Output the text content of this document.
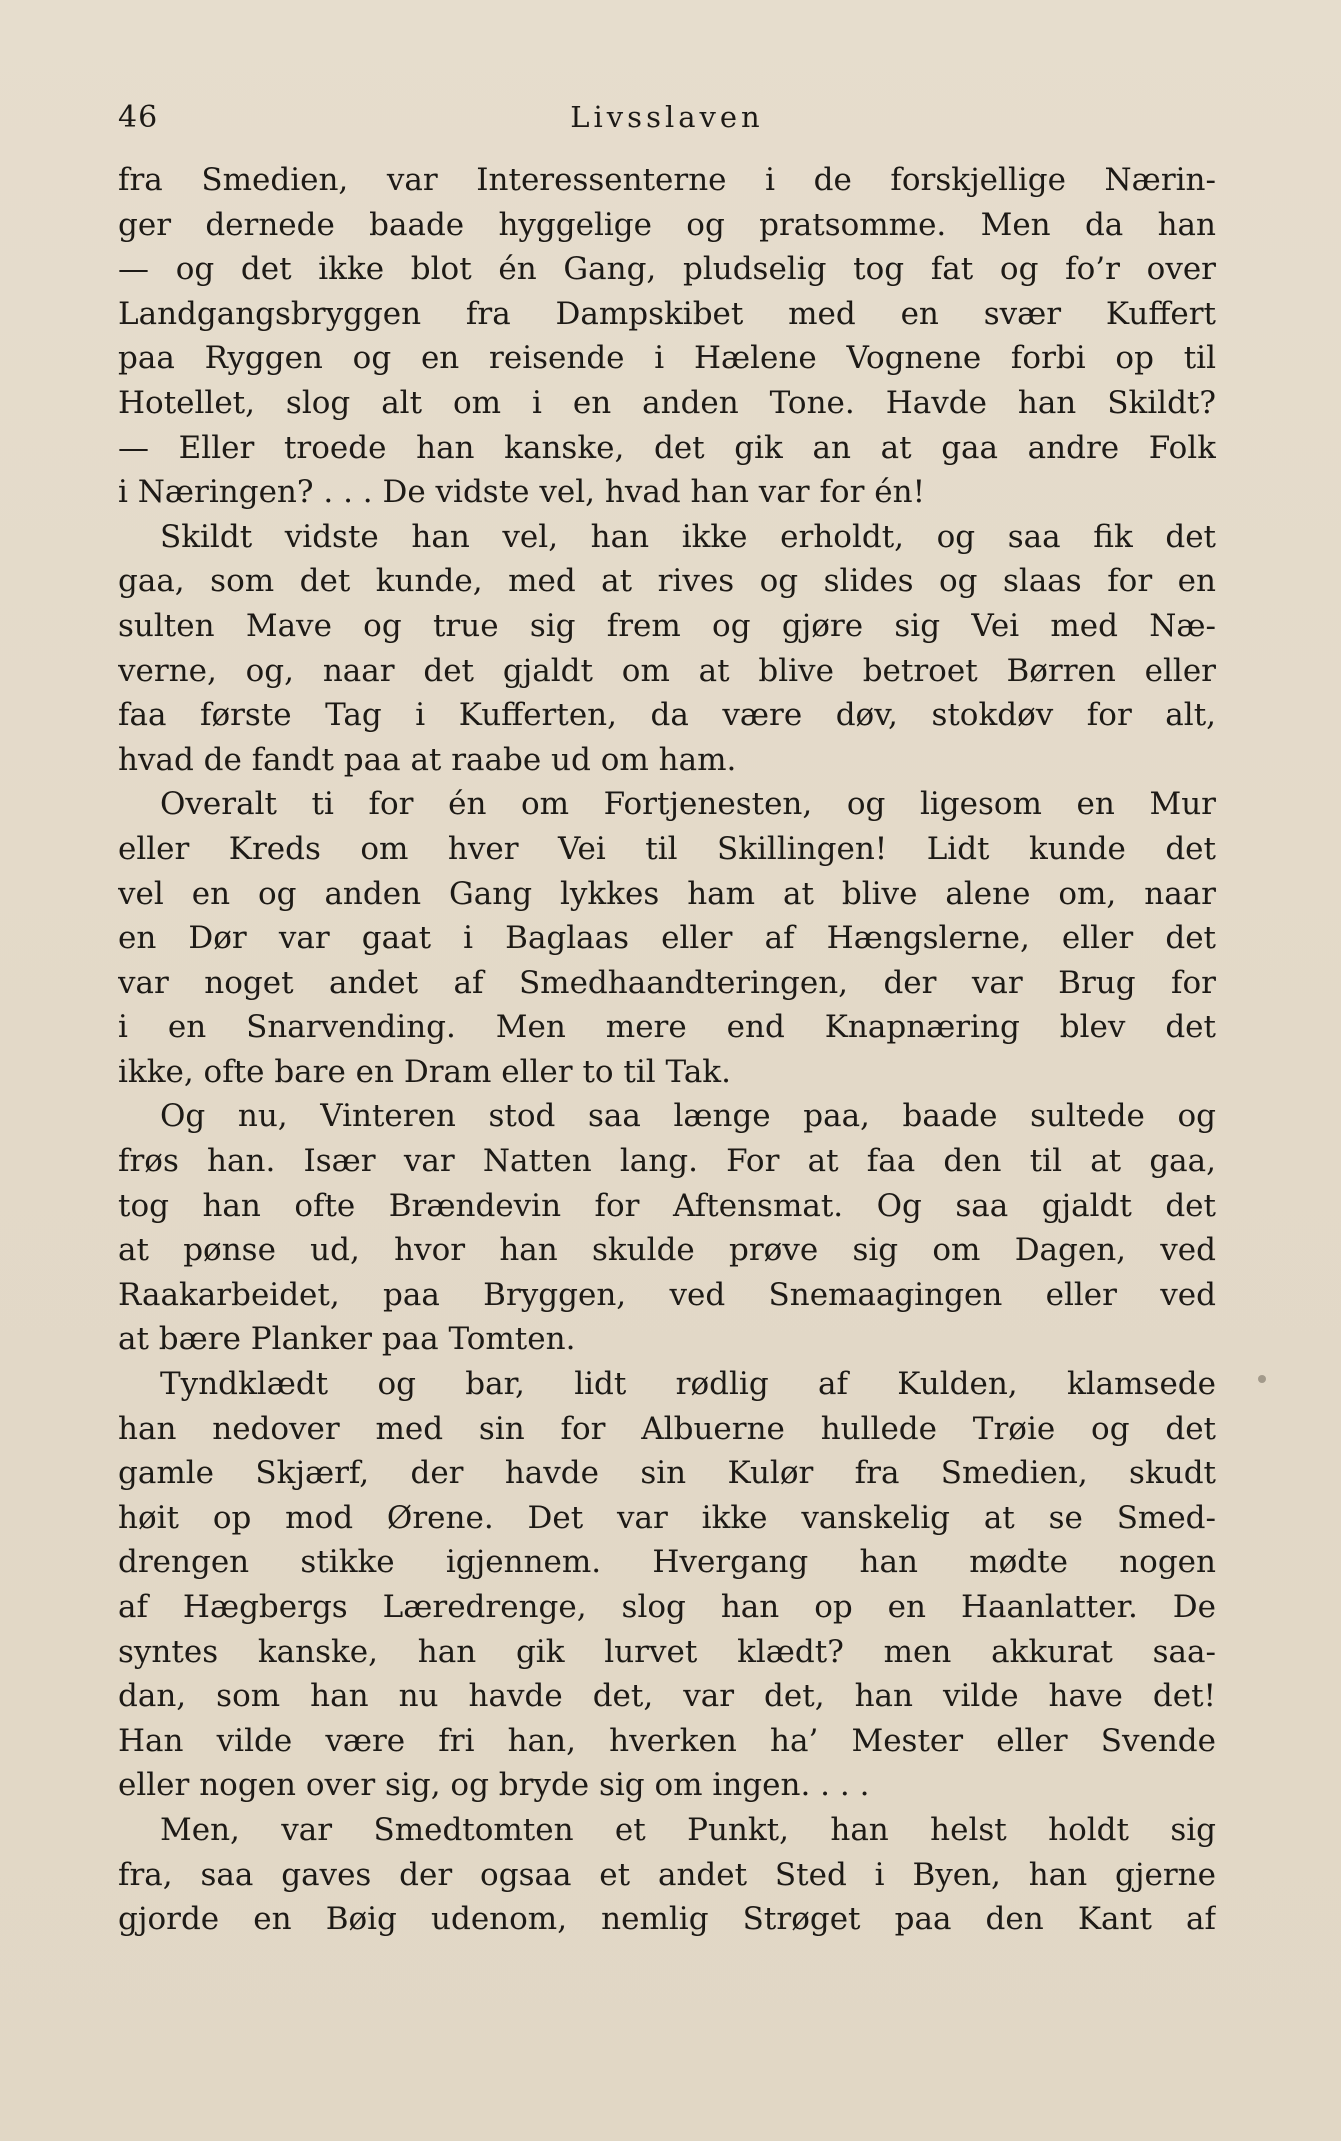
46	Livsslaven
fra Smedien, var Interessenterne i de forskjellige Nærin-
ger dernede baade hyggelige og pratsomme. Men da han
— og det ikke blot én Gang, pludselig tog fat og fo’r over
Landgangsbryggen fra Dampskibet med en svær Kuffert
paa Ryggen og en reisende i Hælene Vognene forbi op til
Hotellet, slog alt om i en anden Tone. Havde han Skildt?
— Eller troede han kanske, det gik an at gaa andre Folk
i Næringen? . . . De vidste vel, hvad han var for én!
Skildt vidste han vel, han ikke erholdt, og saa fik det
gaa, som det kunde, med at rives og slides og slaas for en
sulten Mave og true sig frem og gjøre sig Vei med Næ-
verne, og, naar det gjaldt om at blive betroet Børren eller
faa første Tag i Kufferten, da være døv, stokdøv for alt,
hvad de fandt paa at raabe ud om ham.
Overalt ti for én om Fortjenesten, og ligesom en Mur
eller Kreds om hver Vei til Skillingen! Lidt kunde det
vel en og anden Gang lykkes ham at blive alene om, naar
en Dør var gaat i Baglaas eller af Hængslerne, eller det
var noget andet af Smedhaandteringen, der var Brug for
i en Snarvending. Men mere end Knapnæring blev det
ikke, ofte bare en Dram eller to til Tak.
Og nu, Vinteren stod saa længe paa, baade sultede og
frøs han. Især var Natten lang. For at faa den til at gaa,
tog han ofte Brændevin for Aftensmat. Og saa gjaldt det
at pønse ud, hvor han skulde prøve sig om Dagen, ved
Raakarbeidet, paa Bryggen, ved Snemaagingen eller ved
at bære Planker paa Tomten.
Tyndklædt og bar, lidt rødlig af Kulden, klamsede
han nedover med sin for Albuerne hullede Trøie og det
gamle Skjærf, der havde sin Kulør fra Smedien, skudt
høit op mod Ørene. Det var ikke vanskelig at se Smed-
drengen stikke igjennem. Hvergang han mødte nogen
af Hægbergs Læredrenge, slog han op en Haanlatter. De
syntes kanske, han gik lurvet klædt? men akkurat saa-
dan, som han nu havde det, var det, han vilde have det!
Han vilde være fri han, hverken ha’ Mester eller Svende
eller nogen over sig, og bryde sig om ingen. . . .
Men, var Smedtomten et Punkt, han helst holdt sig
fra, saa gaves der ogsaa et andet Sted i Byen, han gjerne
gjorde en Bøig udenom, nemlig Strøget paa den Kant af
